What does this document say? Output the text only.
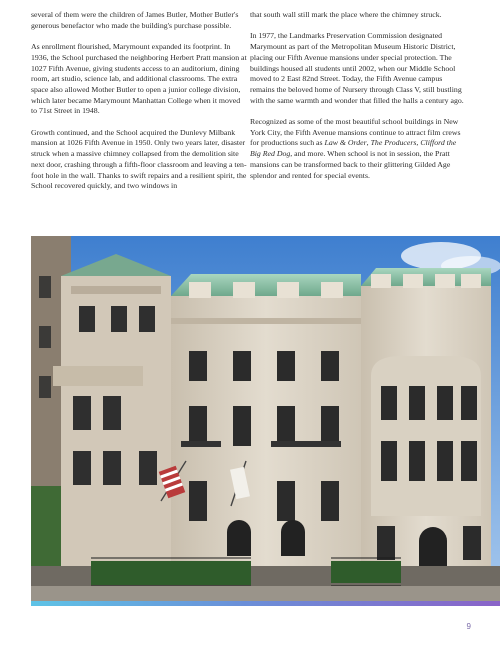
several of them were the children of James Butler, Mother Butler's generous benefactor who made the building's purchase possible.

As enrollment flourished, Marymount expanded its footprint. In 1936, the School purchased the neighboring Herbert Pratt mansion at 1027 Fifth Avenue, giving students access to an auditorium, dining room, art studio, science lab, and additional classrooms. The extra space also allowed Mother Butler to open a junior college division, which later became Marymount Manhattan College when it moved to 71st Street in 1948.

Growth continued, and the School acquired the Dunlevy Milbank mansion at 1026 Fifth Avenue in 1950. Only two years later, disaster struck when a massive chimney collapsed from the demolition site next door, crashing through a fifth-floor classroom and leaving a ten-foot hole in the wall. Thanks to swift repairs and a resilient spirit, the School recovered quickly, and two windows in

that south wall still mark the place where the chimney struck.

In 1977, the Landmarks Preservation Commission designated Marymount as part of the Metropolitan Museum Historic District, placing our Fifth Avenue mansions under special protection. The buildings housed all students until 2002, when our Middle School moved to 2 East 82nd Street. Today, the Fifth Avenue campus remains the beloved home of Nursery through Class V, still bustling with the same warmth and wonder that filled the halls a century ago.

Recognized as some of the most beautiful school buildings in New York City, the Fifth Avenue mansions continue to attract film crews for productions such as Law & Order, The Producers, Clifford the Big Red Dog, and more. When school is not in session, the Pratt mansions can be transformed back to their glittering Gilded Age splendor and rented for special events.

9
